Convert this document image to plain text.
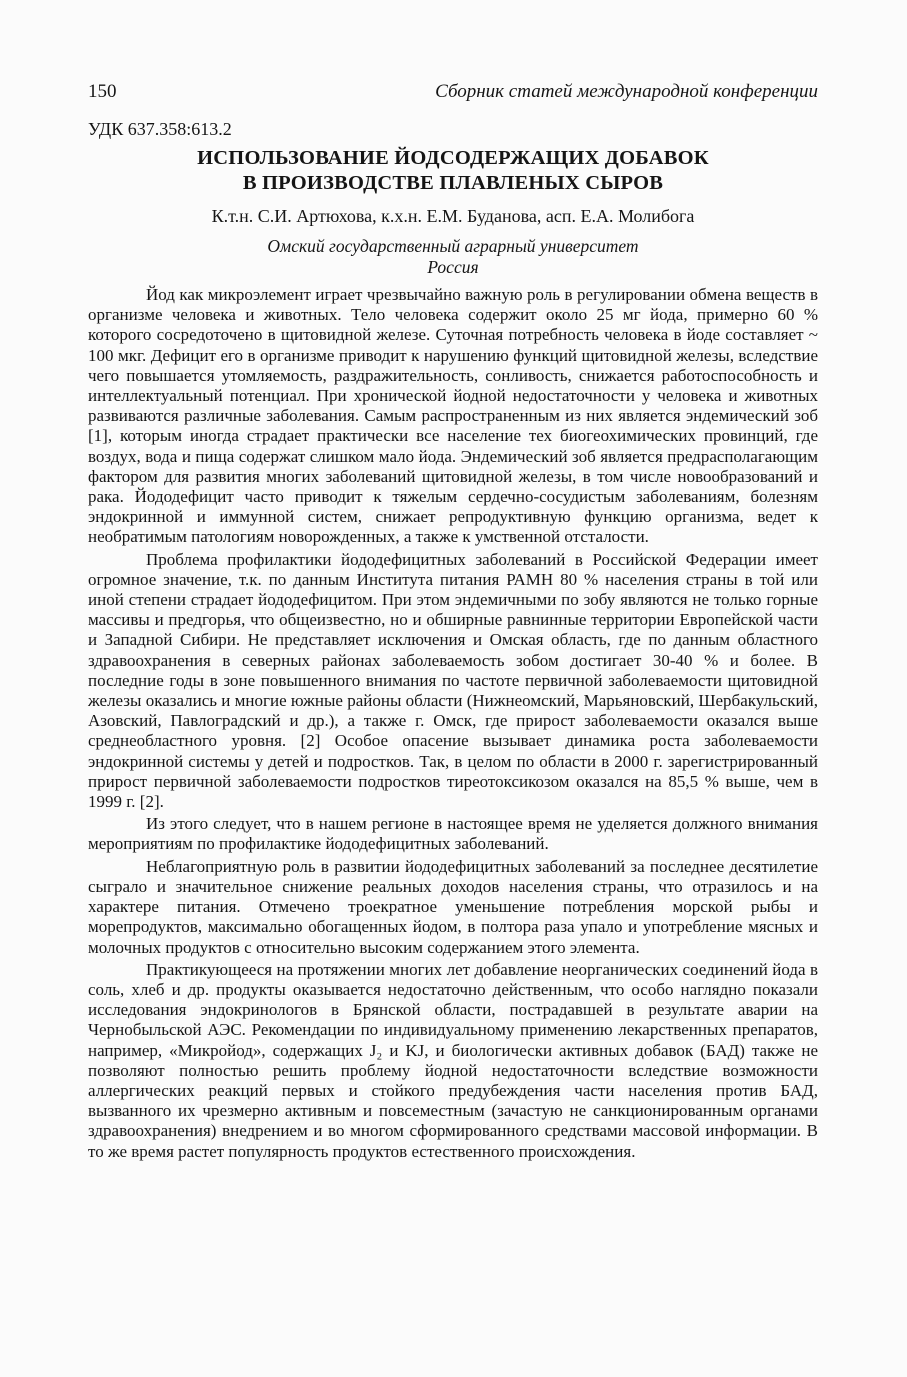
150	Сборник статей международной конференции
УДК 637.358:613.2
ИСПОЛЬЗОВАНИЕ ЙОДСОДЕРЖАЩИХ ДОБАВОК
В ПРОИЗВОДСТВЕ ПЛАВЛЕНЫХ СЫРОВ
К.т.н. С.И. Артюхова, к.х.н. Е.М. Буданова, асп. Е.А. Молибога
Омский государственный аграрный университет
Россия

Йод как микроэлемент играет чрезвычайно важную роль в регулировании обмена веществ в организме человека и животных. Тело человека содержит около 25 мг йода, примерно 60 % которого сосредоточено в щитовидной железе. Суточная потребность человека в йоде составляет ~ 100 мкг. Дефицит его в организме приводит к нарушению функций щитовидной железы, вследствие чего повышается утомляемость, раздражительность, сонливость, снижается работоспособность и интеллектуальный потенциал. При хронической йодной недостаточности у человека и животных развиваются различные заболевания. Самым распространенным из них является эндемический зоб [1], которым иногда страдает практически все население тех биогеохимических провинций, где воздух, вода и пища содержат слишком мало йода. Эндемический зоб является предрасполагающим фактором для развития многих заболеваний щитовидной железы, в том числе новообразований и рака. Йододефицит часто приводит к тяжелым сердечно-сосудистым заболеваниям, болезням эндокринной и иммунной систем, снижает репродуктивную функцию организма, ведет к необратимым патологиям новорожденных, а также к умственной отсталости.

Проблема профилактики йододефицитных заболеваний в Российской Федерации имеет огромное значение, т.к. по данным Института питания РАМН 80 % населения страны в той или иной степени страдает йододефицитом. При этом эндемичными по зобу являются не только горные массивы и предгорья, что общеизвестно, но и обширные равнинные территории Европейской части и Западной Сибири. Не представляет исключения и Омская область, где по данным областного здравоохранения в северных районах заболеваемость зобом достигает 30-40 % и более. В последние годы в зоне повышенного внимания по частоте первичной заболеваемости щитовидной железы оказались и многие южные районы области (Нижнеомский, Марьяновский, Шербакульский, Азовский, Павлоградский и др.), а также г. Омск, где прирост заболеваемости оказался выше среднеобластного уровня. [2] Особое опасение вызывает динамика роста заболеваемости эндокринной системы у детей и подростков. Так, в целом по области в 2000 г. зарегистрированный прирост первичной заболеваемости подростков тиреотоксикозом оказался на 85,5 % выше, чем в 1999 г. [2].

Из этого следует, что в нашем регионе в настоящее время не уделяется должного внимания мероприятиям по профилактике йододефицитных заболеваний.

Неблагоприятную роль в развитии йододефицитных заболеваний за последнее десятилетие сыграло и значительное снижение реальных доходов населения страны, что отразилось и на характере питания. Отмечено троекратное уменьшение потребления морской рыбы и морепродуктов, максимально обогащенных йодом, в полтора раза упало и употребление мясных и молочных продуктов с относительно высоким содержанием этого элемента.

Практикующееся на протяжении многих лет добавление неорганических соединений йода в соль, хлеб и др. продукты оказывается недостаточно действенным, что особо наглядно показали исследования эндокринологов в Брянской области, пострадавшей в результате аварии на Чернобыльской АЭС. Рекомендации по индивидуальному применению лекарственных препаратов, например, «Микройод», содержащих J₂ и KJ, и биологически активных добавок (БАД) также не позволяют полностью решить проблему йодной недостаточности вследствие возможности аллергических реакций первых и стойкого предубеждения части населения против БАД, вызванного их чрезмерно активным и повсеместным (зачастую не санкционированным органами здравоохранения) внедрением и во многом сформированного средствами массовой информации. В то же время растет популярность продуктов естественного происхождения.
